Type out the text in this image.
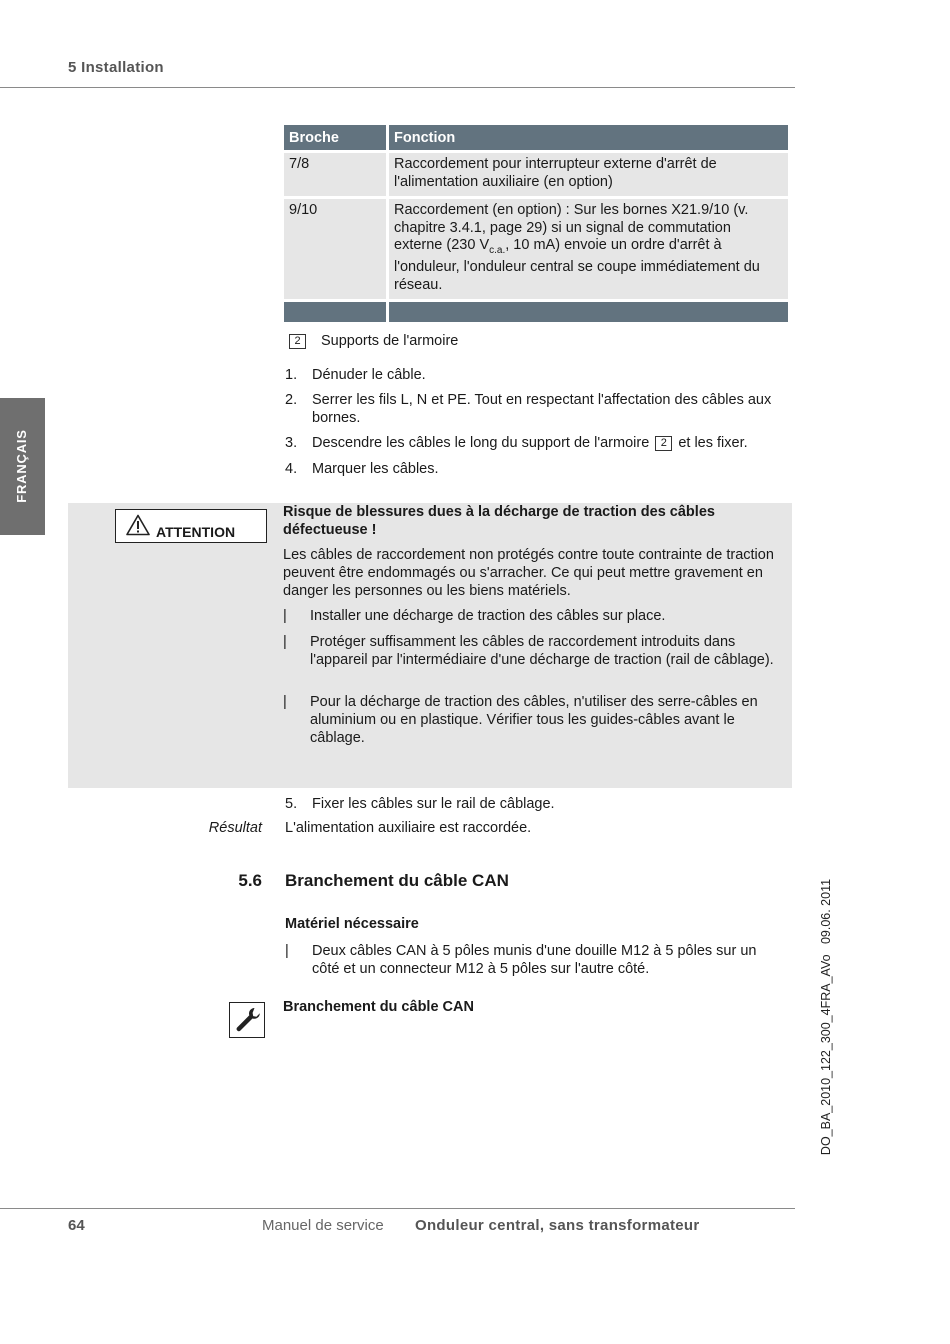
5 Installation
FRANÇAIS
Broche	Fonction
7/8	Raccordement pour interrupteur externe d'arrêt de l'alimentation auxiliaire (en option)
9/10	Raccordement (en option) : Sur les bornes X21.9/10 (v. chapitre 3.4.1, page 29) si un signal de commutation externe (230 $V_{c.a.}$, 10 mA) envoie un ordre d'arrêt à l'onduleur, l'onduleur central se coupe immédiatement du réseau.

2	Supports de l'armoire
1. Dénuder le câble.
2. Serrer les fils L, N et PE. Tout en respectant l'affectation des câbles aux bornes.
3. Descendre les câbles le long du support de l'armoire 2 et les fixer.
4. Marquer les câbles.
ATTENTION
Risque de blessures dues à la décharge de traction des câbles défectueuse !
Les câbles de raccordement non protégés contre toute contrainte de traction peuvent être endommagés ou s'arracher. Ce qui peut mettre gravement en danger les personnes ou les biens matériels.
| Installer une décharge de traction des câbles sur place.
| Protéger suffisamment les câbles de raccordement introduits dans l'appareil par l'intermédiaire d'une décharge de traction (rail de câblage).
| Pour la décharge de traction des câbles, n'utiliser des serre-câbles en aluminium ou en plastique. Vérifier tous les guides-câbles avant le câblage.
5. Fixer les câbles sur le rail de câblage.
Résultat L'alimentation auxiliaire est raccordée.
5.6 Branchement du câble CAN
Matériel nécessaire
| Deux câbles CAN à 5 pôles munis d'une douille M12 à 5 pôles sur un côté et un connecteur M12 à 5 pôles sur l'autre côté.
Branchement du câble CAN	DO_BA_2010_122_300_4FRA_AVo   09.06. 2011
64	Manuel de service Onduleur central, sans transformateur
